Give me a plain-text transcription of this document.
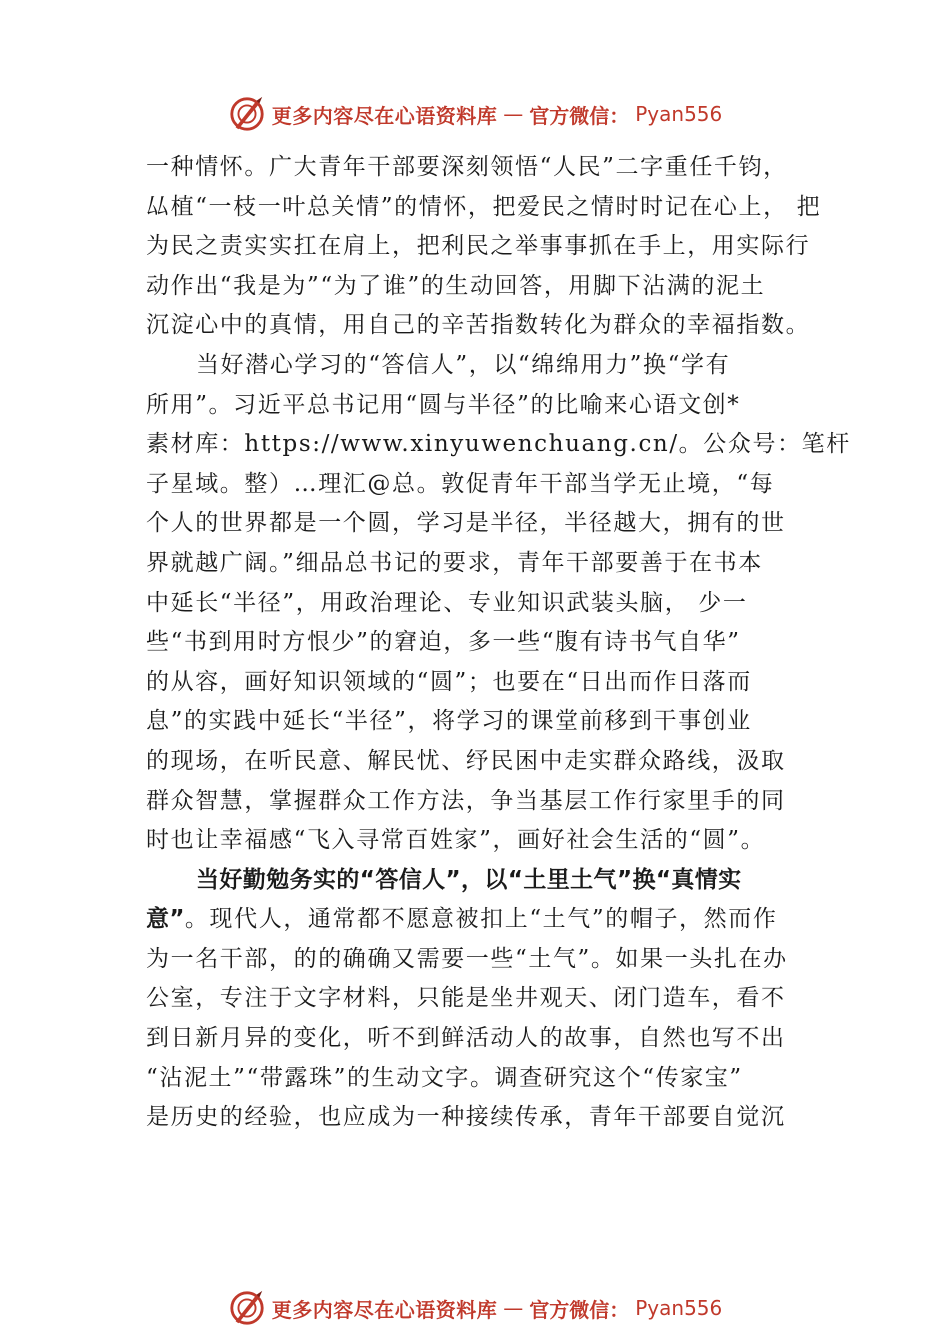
更多内容尽在心语资料库 — 官方微信： Pyan556
一种情怀。广大青年干部要深刻领悟“人民”二字重任千钧，
厸植“一枝一叶总关情”的情怀，把爱民之情时时记在心上， 把
为民之责实实扛在肩上，把利民之举事事抓在手上，用实际行
动作出“我是为”“为了谁”的生动回答，用脚下沾满的泥土
沉淀心中的真情，用自己的辛苦指数转化为群众的幸福指数。
当好潜心学习的“答信人”，以“绵绵用力”换“学有
所用”。习近平总书记用“圆与半径”的比喻来心语文创*
素材库：https://www.xinyuwenchuang.cn/。公众号：笔杆
子星域。整）…理汇@总。敦促青年干部当学无止境，“每
个人的世界都是一个圆，学习是半径，半径越大，拥有的世
界就越广阔。”细品总书记的要求，青年干部要善于在书本
中延长“半径”，用政治理论、专业知识武装头脑， 少一
些“书到用时方恨少”的窘迫，多一些“腹有诗书气自华”
的从容，画好知识领域的“圆”；也要在“日出而作日落而
息”的实践中延长“半径”，将学习的课堂前移到干事创业
的现场，在听民意、解民忧、纾民困中走实群众路线，汲取
群众智慧，掌握群众工作方法，争当基层工作行家里手的同
时也让幸福感“飞入寻常百姓家”，画好社会生活的“圆”。
当好勤勉务实的“答信人”，以“土里土气”换“真情实
意”。现代人，通常都不愿意被扣上“土气”的帽子，然而作
为一名干部，的的确确又需要一些“土气”。如果一头扎在办
公室，专注于文字材料，只能是坐井观天、闭门造车，看不
到日新月异的变化，听不到鲜活动人的故事，自然也写不出
“沾泥土”“带露珠”的生动文字。调查研究这个“传家宝”
是历史的经验，也应成为一种接续传承，青年干部要自觉沉
更多内容尽在心语资料库 — 官方微信： Pyan556
